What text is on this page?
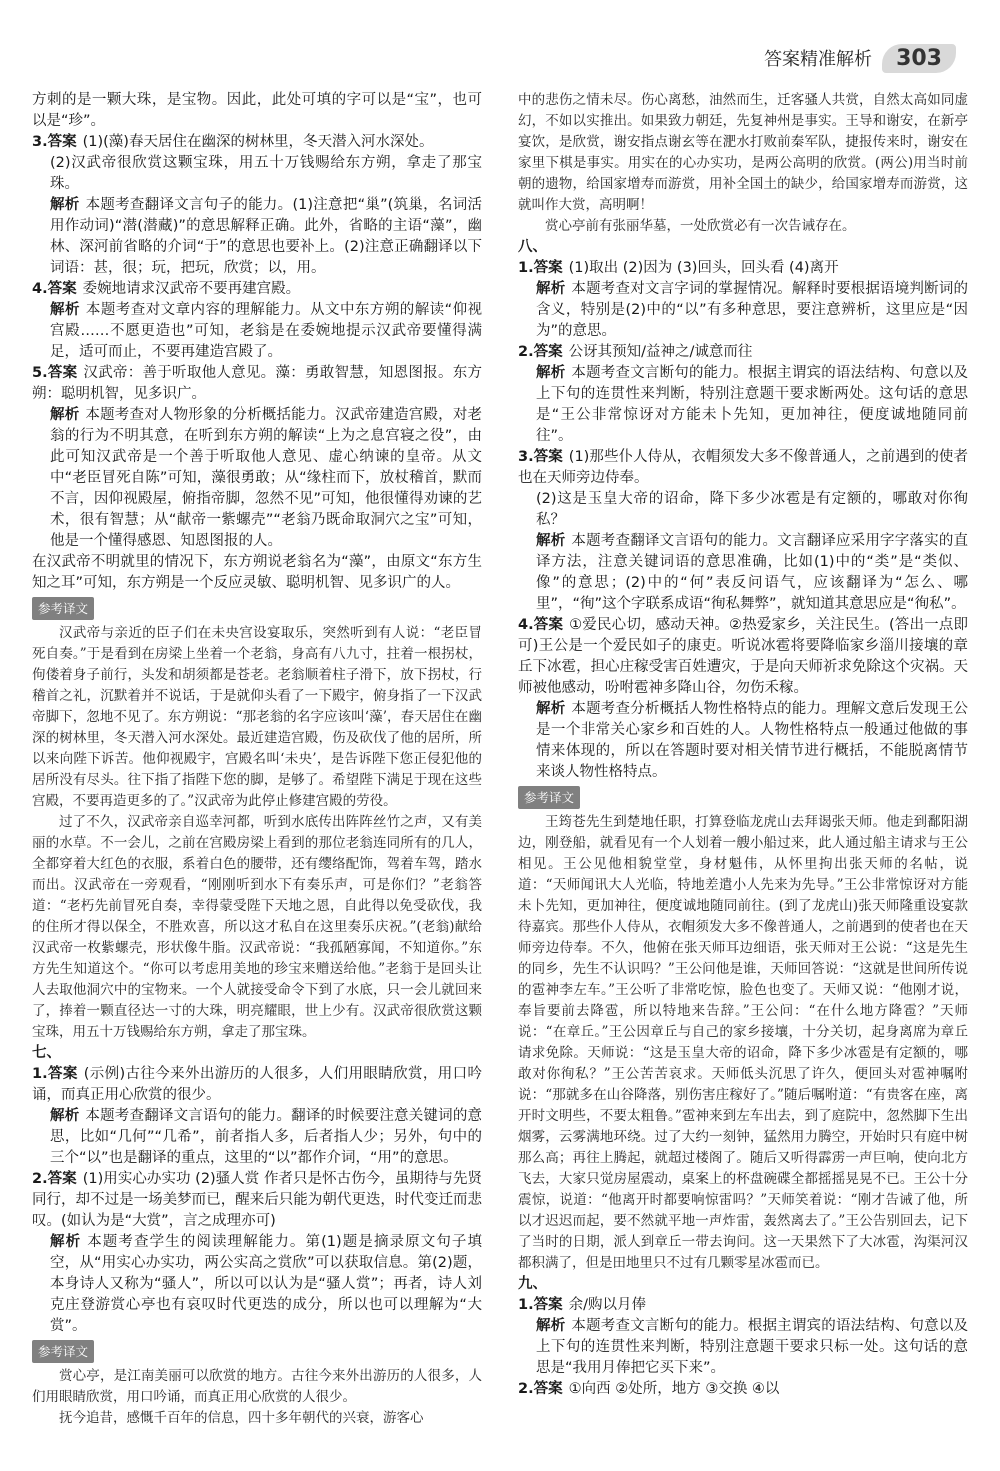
答案精准解析	303

方刺的是一颗大珠，是宝物。因此，此处可填的字可以是“宝”，也可以是“珍”。

3.答案 (1)(藻)春天居住在幽深的树林里，冬天潜入河水深处。

(2)汉武帝很欣赏这颗宝珠，用五十万钱赐给东方朔，拿走了那宝珠。

解析 本题考查翻译文言句子的能力。(1)注意把“巢”(筑巢，名词活用作动词)“潜(潜藏)”的意思解释正确。此外，省略的主语“藻”，幽林、深河前省略的介词“于”的意思也要补上。(2)注意正确翻译以下词语：甚，很；玩，把玩，欣赏；以，用。

4.答案 委婉地请求汉武帝不要再建宫殿。

解析 本题考查对文章内容的理解能力。从文中东方朔的解读“仰视宫殿……不愿更造也”可知，老翁是在委婉地提示汉武帝要懂得满足，适可而止，不要再建造宫殿了。

5.答案 汉武帝：善于听取他人意见。藻：勇敢智慧，知恩图报。东方朔：聪明机智，见多识广。

解析 本题考查对人物形象的分析概括能力。汉武帝建造宫殿，对老翁的行为不明其意，在听到东方朔的解读“上为之息宫寝之役”，由此可知汉武帝是一个善于听取他人意见、虚心纳谏的皇帝。从文中“老臣冒死自陈”可知，藻很勇敢；从“缘柱而下，放杖稽首，默而不言，因仰视殿屋，俯指帝脚，忽然不见”可知，他很懂得劝谏的艺术，很有智慧；从“献帝一紫螺壳”“老翁乃既命取洞穴之宝”可知，他是一个懂得感恩、知恩图报的人。

在汉武帝不明就里的情况下，东方朔说老翁名为“藻”，由原文“东方生知之耳”可知，东方朔是一个反应灵敏、聪明机智、见多识广的人。

参考译文

汉武帝与亲近的臣子们在未央宫设宴取乐，突然听到有人说：“老臣冒死自奏。”于是看到在房梁上坐着一个老翁，身高有八九寸，拄着一根拐杖，佝偻着身子前行，头发和胡须都是苍老。老翁顺着柱子滑下，放下拐杖，行稽首之礼，沉默着并不说话，于是就仰头看了一下殿宇，俯身指了一下汉武帝脚下，忽地不见了。东方朔说：“那老翁的名字应该叫‘藻’，春天居住在幽深的树林里，冬天潜入河水深处。最近建造宫殿，伤及砍伐了他的居所，所以来向陛下诉苦。他仰视殿宇，宫殿名叫‘未央’，是告诉陛下您正侵犯他的居所没有尽头。往下指了指陛下您的脚，是够了。希望陛下满足于现在这些宫殿，不要再造更多的了。”汉武帝为此停止修建宫殿的劳役。

过了不久，汉武帝亲自巡幸河都，听到水底传出阵阵丝竹之声，又有美丽的水草。不一会儿，之前在宫殿房梁上看到的那位老翁连同所有的几人，全都穿着大红色的衣服，系着白色的腰带，还有缨络配饰，驾着车驾，踏水而出。汉武帝在一旁观看，“刚刚听到水下有奏乐声，可是你们？”老翁答道：“老朽先前冒死自奏，幸得蒙受陛下天地之恩，自此得以免受砍伐，我的住所才得以保全，不胜欢喜，所以这才私自在这里奏乐庆祝。”(老翁)献给汉武帝一枚紫螺壳，形状像牛脂。汉武帝说：“我孤陋寡闻，不知道你。”东方先生知道这个。“你可以考虑用美地的珍宝来赠送给他。”老翁于是回头让人去取他洞穴中的宝物来。一个人就接受命令下到了水底，只一会儿就回来了，捧着一颗直径达一寸的大珠，明亮耀眼，世上少有。汉武帝很欣赏这颗宝珠，用五十万钱赐给东方朔，拿走了那宝珠。

七、

1.答案 (示例)古往今来外出游历的人很多，人们用眼睛欣赏，用口吟诵，而真正用心欣赏的很少。

解析 本题考查翻译文言语句的能力。翻译的时候要注意关键词的意思，比如“几何”“几希”，前者指人多，后者指人少；另外，句中的三个“以”也是翻译的重点，这里的“以”都作介词，“用”的意思。

2.答案 (1)用实心办实功 (2)骚人赏 作者只是怀古伤今，虽期待与先贤同行，却不过是一场美梦而已，醒来后只能为朝代更迭，时代变迁而悲叹。(如认为是“大赏”，言之成理亦可)

解析 本题考查学生的阅读理解能力。第(1)题是摘录原文句子填空，从“用实心办实功，两公实高之赏欣”可以获取信息。第(2)题，本身诗人又称为“骚人”，所以可以认为是“骚人赏”；再者，诗人刘克庄登游赏心亭也有哀叹时代更迭的成分，所以也可以理解为“大赏”。

参考译文

赏心亭，是江南美丽可以欣赏的地方。古往今来外出游历的人很多，人们用眼睛欣赏，用口吟诵，而真正用心欣赏的人很少。

抚今追昔，感慨千百年的信息，四十多年朝代的兴衰，游客心

中的悲伤之情未尽。伤心离愁，油然而生，迁客骚人共赏，自然太高如同虚幻，不如以实推出。如果致力朝廷，先复神州是事实。王导和谢安，在新亭宴饮，是欣赏，谢安指点谢玄等在淝水打败前秦军队，捷报传来时，谢安在家里下棋是事实。用实在的心办实功，是两公高明的欣赏。(两公)用当时前朝的遗物，给国家增寿而游赏，用补全国土的缺少，给国家增寿而游赏，这就叫作大赏，高明啊！

赏心亭前有张丽华墓，一处欣赏必有一次告诫存在。

八、

1.答案 (1)取出 (2)因为 (3)回头，回头看 (4)离开

解析 本题考查对文言字词的掌握情况。解释时要根据语境判断词的含义，特别是(2)中的“以”有多种意思，要注意辨析，这里应是“因为”的意思。

2.答案 公讶其预知/益神之/诚意而往

解析 本题考查文言断句的能力。根据主谓宾的语法结构、句意以及上下句的连贯性来判断，特别注意题干要求断两处。这句话的意思是“王公非常惊讶对方能未卜先知，更加神往，便度诚地随同前往”。

3.答案 (1)那些仆人侍从，衣帽须发大多不像普通人，之前遇到的使者也在天师旁边侍奉。

(2)这是玉皇大帝的诏命，降下多少冰雹是有定额的，哪敢对你徇私？

解析 本题考查翻译文言语句的能力。文言翻译应采用字字落实的直译方法，注意关键词语的意思准确，比如(1)中的“类”是“类似、像”的意思；(2)中的“何”表反问语气，应该翻译为“怎么、哪里”，“徇”这个字联系成语“徇私舞弊”，就知道其意思应是“徇私”。

4.答案 ①爱民心切，感动天神。②热爱家乡，关注民生。(答出一点即可)王公是一个爱民如子的康吏。听说冰雹将要降临家乡淄川接壤的章丘下冰雹，担心庄稼受害百姓遭灾，于是向天师祈求免除这个灾祸。天师被他感动，吩咐雹神多降山谷，勿伤禾稼。

解析 本题考查分析概括人物性格特点的能力。理解文意后发现王公是一个非常关心家乡和百姓的人。人物性格特点一般通过他做的事情来体现的，所以在答题时要对相关情节进行概括，不能脱离情节来谈人物性格特点。

参考译文

王筠苍先生到楚地任职，打算登临龙虎山去拜谒张天师。他走到鄱阳湖边，刚登船，就看见有一个人划着一艘小船过来，此人通过船主请求与王公相见。王公见他相貌堂堂，身材魁伟，从怀里拘出张天师的名帖，说道：“天师闻讯大人光临，特地差遣小人先来为先导。”王公非常惊讶对方能未卜先知，更加神往，便度诚地随同前往。(到了龙虎山)张天师隆重设宴款待嘉宾。那些仆人侍从，衣帽须发大多不像普通人，之前遇到的使者也在天师旁边侍奉。不久，他俯在张天师耳边细语，张天师对王公说：“这是先生的同乡，先生不认识吗？”王公问他是谁，天师回答说：“这就是世间所传说的雹神李左车。”王公听了非常吃惊，脸色也变了。天师又说：“他刚才说，奉旨要前去降雹，所以特地来告辞。”王公问：“在什么地方降雹？”天师说：“在章丘。”王公因章丘与自己的家乡接壤，十分关切，起身离席为章丘请求免除。天师说：“这是玉皇大帝的诏命，降下多少冰雹是有定额的，哪敢对你徇私？”王公苦苦哀求。天师低头沉思了许久，便回头对雹神嘱咐说：“那就多在山谷降落，别伤害庄稼好了。”随后嘱咐道：“有贵客在座，离开时文明些，不要太粗鲁。”雹神来到左车出去，到了庭院中，忽然脚下生出烟雾，云雾满地环绕。过了大约一刻钟，猛然用力腾空，开始时只有庭中树那么高；再往上腾起，就超过楼阁了。随后又听得霹雳一声巨响，使向北方飞去，大家只觉房屋震动，桌案上的杯盘碗碟全都摇摇晃晃不已。王公十分震惊，说道：“他离开时都要响惊雷吗？”天师笑着说：“刚才告诫了他，所以才迟迟而起，要不然就平地一声炸雷，轰然离去了。”王公告别回去，记下了当时的日期，派人到章丘一带去询问。这一天果然下了大冰雹，沟渠河汉都积满了，但是田地里只不过有几颗零星冰雹而已。

九、

1.答案 余/购以月俸

解析 本题考查文言断句的能力。根据主谓宾的语法结构、句意以及上下句的连贯性来判断，特别注意题干要求只标一处。这句话的意思是“我用月俸把它买下来”。

2.答案 ①向西 ②处所，地方 ③交换 ④以
